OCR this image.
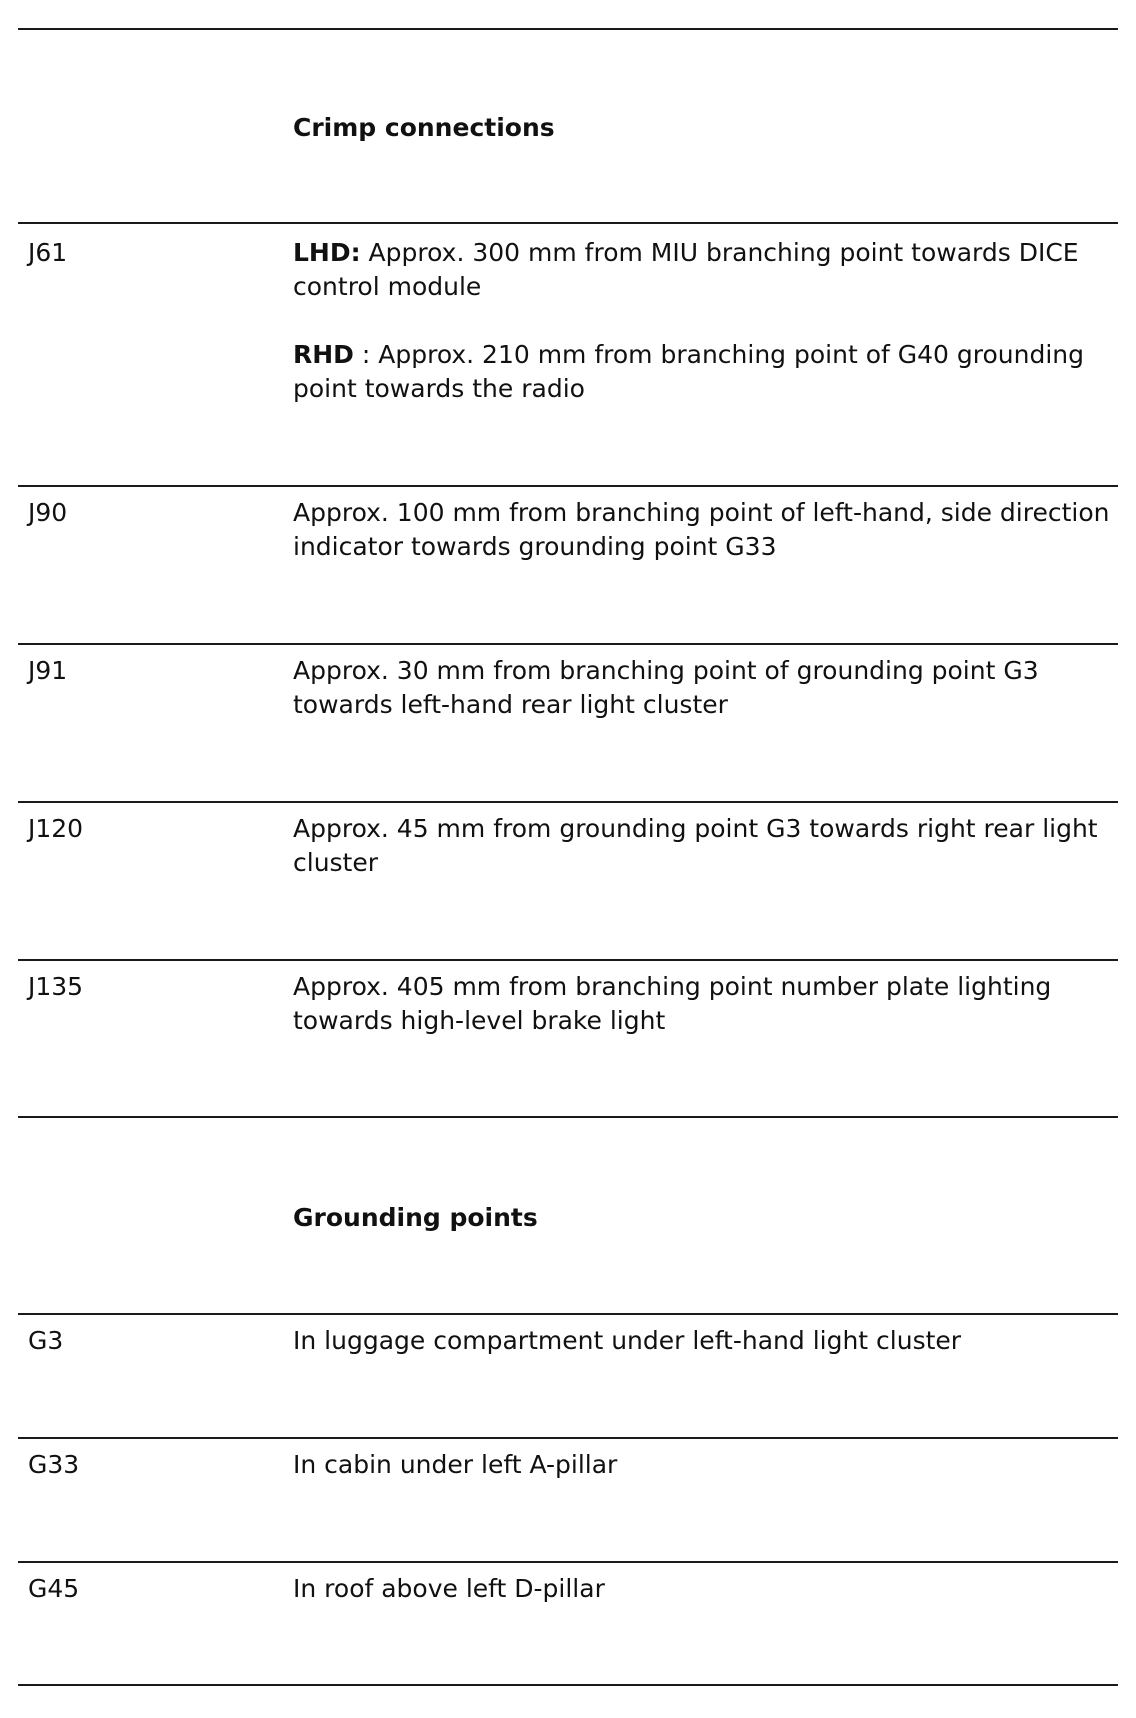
Crimp connections
J61	LHD: Approx. 300 mm from MIU branching point towards DICE control module
RHD : Approx. 210 mm from branching point of G40 grounding point towards the radio
J90	Approx. 100 mm from branching point of left-hand, side direction indicator towards grounding point G33
J91	Approx. 30 mm from branching point of grounding point G3 towards left-hand rear light cluster
J120	Approx. 45 mm from grounding point G3 towards right rear light cluster
J135	Approx. 405 mm from branching point number plate lighting towards high-level brake light
Grounding points
G3	In luggage compartment under left-hand light cluster
G33	In cabin under left A-pillar
G45	In roof above left D-pillar
